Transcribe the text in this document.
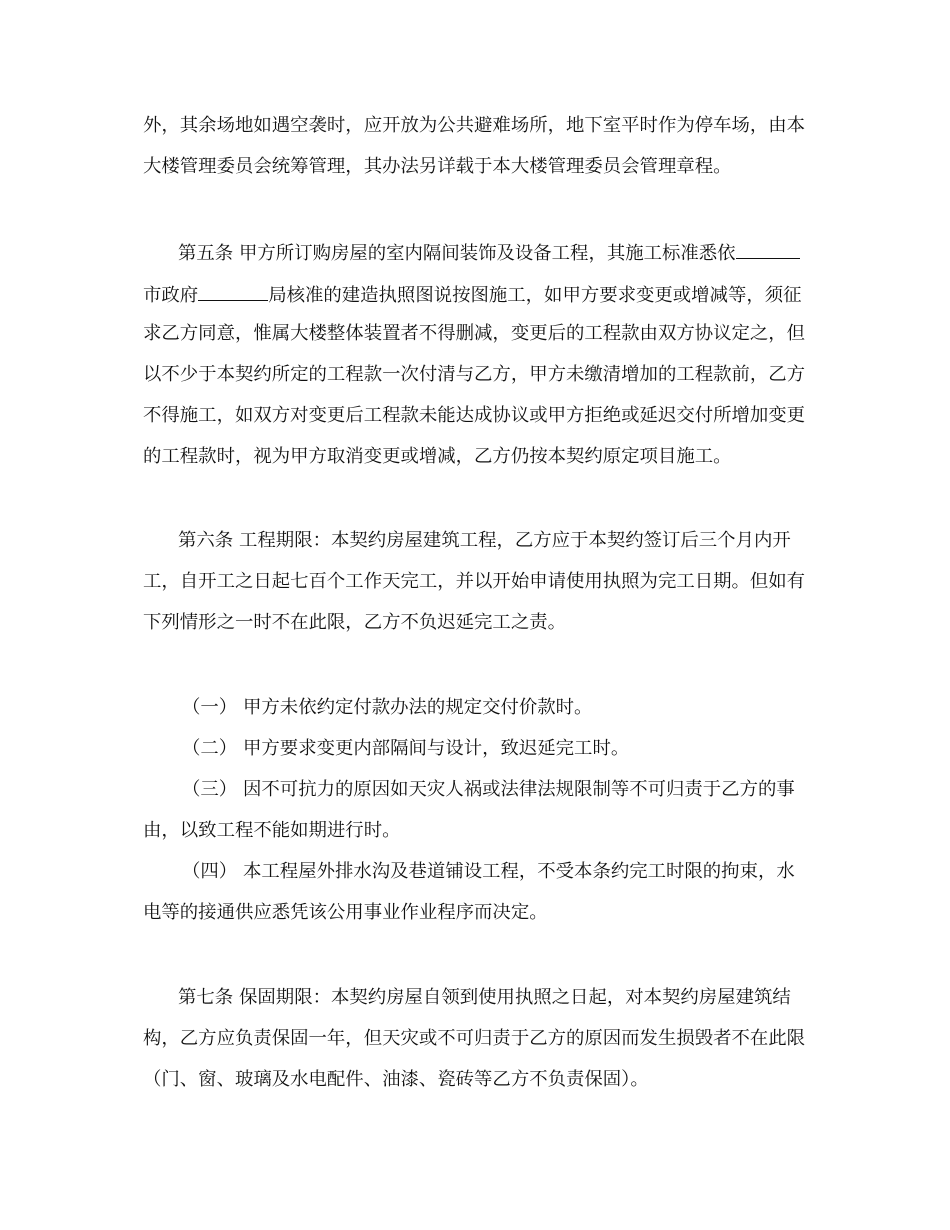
外，其余场地如遇空袭时，应开放为公共避难场所，地下室平时作为停车场，由本
大楼管理委员会统筹管理，其办法另详载于本大楼管理委员会管理章程。
第五条 甲方所订购房屋的室内隔间装饰及设备工程，其施工标准悉依
市政府	局核准的建造执照图说按图施工，如甲方要求变更或增减等，须征
求乙方同意，惟属大楼整体装置者不得删减，变更后的工程款由双方协议定之，但
以不少于本契约所定的工程款一次付清与乙方，甲方未缴清增加的工程款前，乙方
不得施工，如双方对变更后工程款未能达成协议或甲方拒绝或延迟交付所增加变更
的工程款时，视为甲方取消变更或增减，乙方仍按本契约原定项目施工。
第六条 工程期限：本契约房屋建筑工程，乙方应于本契约签订后三个月内开
工，自开工之日起七百个工作天完工，并以开始申请使用执照为完工日期。但如有
下列情形之一时不在此限，乙方不负迟延完工之责。
（一） 甲方未依约定付款办法的规定交付价款时。
（二） 甲方要求变更内部隔间与设计，致迟延完工时。
（三） 因不可抗力的原因如天灾人祸或法律法规限制等不可归责于乙方的事
由，以致工程不能如期进行时。
（四） 本工程屋外排水沟及巷道铺设工程，不受本条约完工时限的拘束，水
电等的接通供应悉凭该公用事业作业程序而决定。
第七条 保固期限：本契约房屋自领到使用执照之日起，对本契约房屋建筑结
构，乙方应负责保固一年，但天灾或不可归责于乙方的原因而发生损毁者不在此限
（门、窗、玻璃及水电配件、油漆、瓷砖等乙方不负责保固）。
